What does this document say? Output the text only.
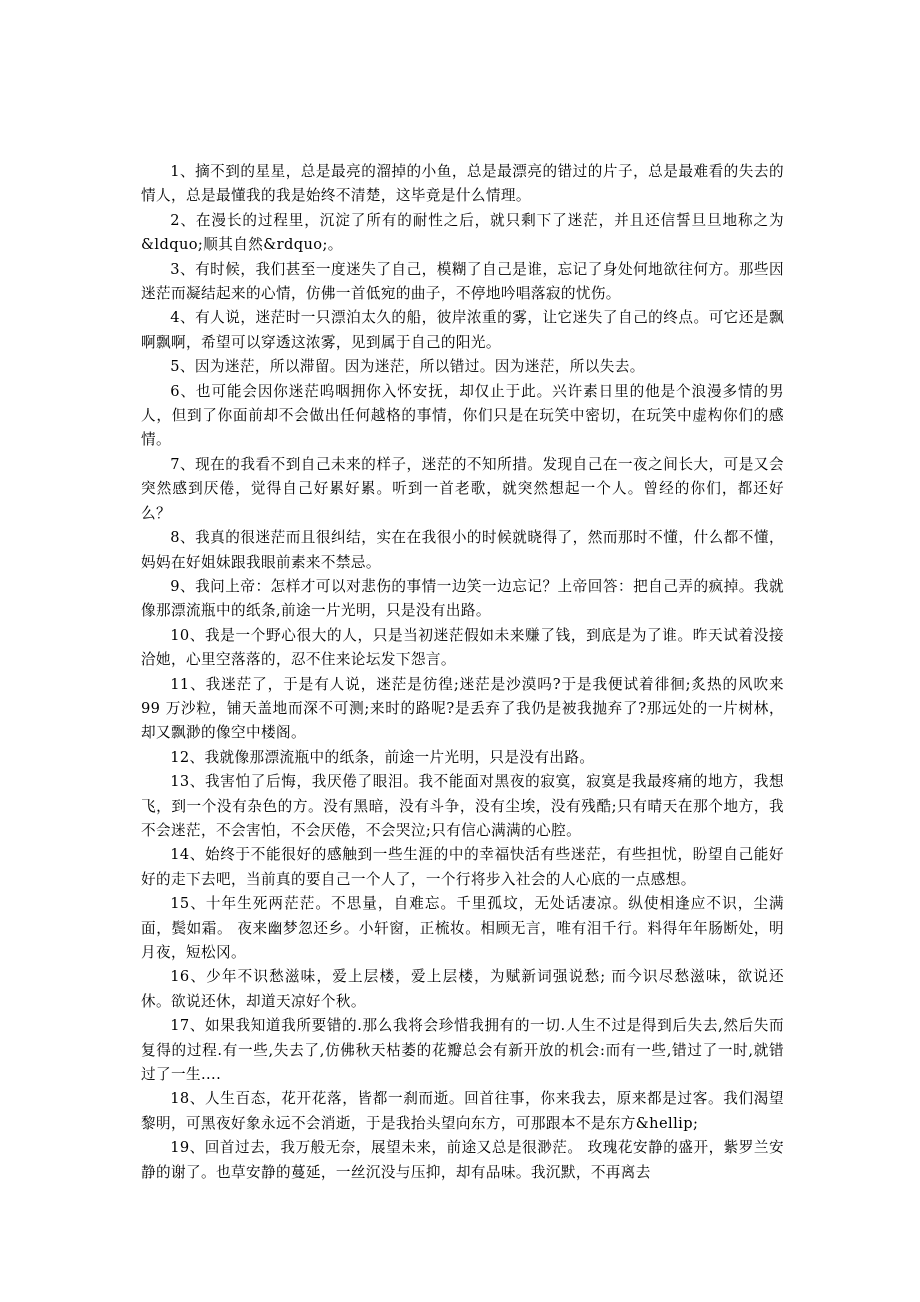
1、摘不到的星星，总是最亮的溜掉的小鱼，总是最漂亮的错过的片子，总是最难看的失去的情人，总是最懂我的我是始终不清楚，这毕竟是什么情理。

2、在漫长的过程里，沉淀了所有的耐性之后，就只剩下了迷茫，并且还信誓旦旦地称之为&ldquo;顺其自然&rdquo;。

3、有时候，我们甚至一度迷失了自己，模糊了自己是谁，忘记了身处何地欲往何方。那些因迷茫而凝结起来的心情，仿佛一首低宛的曲子，不停地吟唱落寂的忧伤。

4、有人说，迷茫时一只漂泊太久的船，彼岸浓重的雾，让它迷失了自己的终点。可它还是飘啊飘啊，希望可以穿透这浓雾，见到属于自己的阳光。

5、因为迷茫，所以滞留。因为迷茫，所以错过。因为迷茫，所以失去。

6、也可能会因你迷茫呜咽拥你入怀安抚，却仅止于此。兴许素日里的他是个浪漫多情的男人，但到了你面前却不会做出任何越格的事情，你们只是在玩笑中密切，在玩笑中虚构你们的感情。

7、现在的我看不到自己未来的样子，迷茫的不知所措。发现自己在一夜之间长大，可是又会突然感到厌倦，觉得自己好累好累。听到一首老歌，就突然想起一个人。曾经的你们，都还好么？

8、我真的很迷茫而且很纠结，实在在我很小的时候就晓得了，然而那时不懂，什么都不懂，妈妈在好姐妹跟我眼前素来不禁忌。

9、我问上帝：怎样才可以对悲伤的事情一边笑一边忘记？上帝回答：把自己弄的疯掉。我就像那漂流瓶中的纸条,前途一片光明，只是没有出路。

10、我是一个野心很大的人，只是当初迷茫假如未来赚了钱，到底是为了谁。昨天试着没接洽她，心里空落落的，忍不住来论坛发下怨言。

11、我迷茫了，于是有人说，迷茫是彷徨;迷茫是沙漠吗?于是我便试着徘徊;炙热的风吹来 99 万沙粒，铺天盖地而深不可测;来时的路呢?是丢弃了我仍是被我抛弃了?那远处的一片树林，却又飘渺的像空中楼阁。

12、我就像那漂流瓶中的纸条，前途一片光明，只是没有出路。

13、我害怕了后悔，我厌倦了眼泪。我不能面对黑夜的寂寞，寂寞是我最疼痛的地方，我想飞，到一个没有杂色的方。没有黑暗，没有斗争，没有尘埃，没有残酷;只有晴天在那个地方，我不会迷茫，不会害怕，不会厌倦，不会哭泣;只有信心满满的心腔。

14、始终于不能很好的感触到一些生涯的中的幸福快活有些迷茫，有些担忧，盼望自己能好好的走下去吧，当前真的要自己一个人了，一个行将步入社会的人心底的一点感想。

15、十年生死两茫茫。不思量，自难忘。千里孤坟，无处话凄凉。纵使相逢应不识，尘满面，鬓如霜。 夜来幽梦忽还乡。小轩窗，正梳妆。相顾无言，唯有泪千行。料得年年肠断处，明月夜，短松冈。

16、少年不识愁滋味，爱上层楼，爱上层楼，为赋新词强说愁; 而今识尽愁滋味，欲说还休。欲说还休，却道天凉好个秋。

17、如果我知道我所要错的.那么我将会珍惜我拥有的一切.人生不过是得到后失去,然后失而复得的过程.有一些,失去了,仿佛秋天枯萎的花瓣总会有新开放的机会:而有一些,错过了一时,就错过了一生....

18、人生百态，花开花落，皆都一刹而逝。回首往事，你来我去，原来都是过客。我们渴望黎明，可黑夜好象永远不会消逝，于是我抬头望向东方，可那跟本不是东方&hellip;

19、回首过去，我万般无奈，展望未来，前途又总是很渺茫。 玫瑰花安静的盛开，紫罗兰安静的谢了。也草安静的蔓延，一丝沉没与压抑，却有品味。我沉默，不再离去
